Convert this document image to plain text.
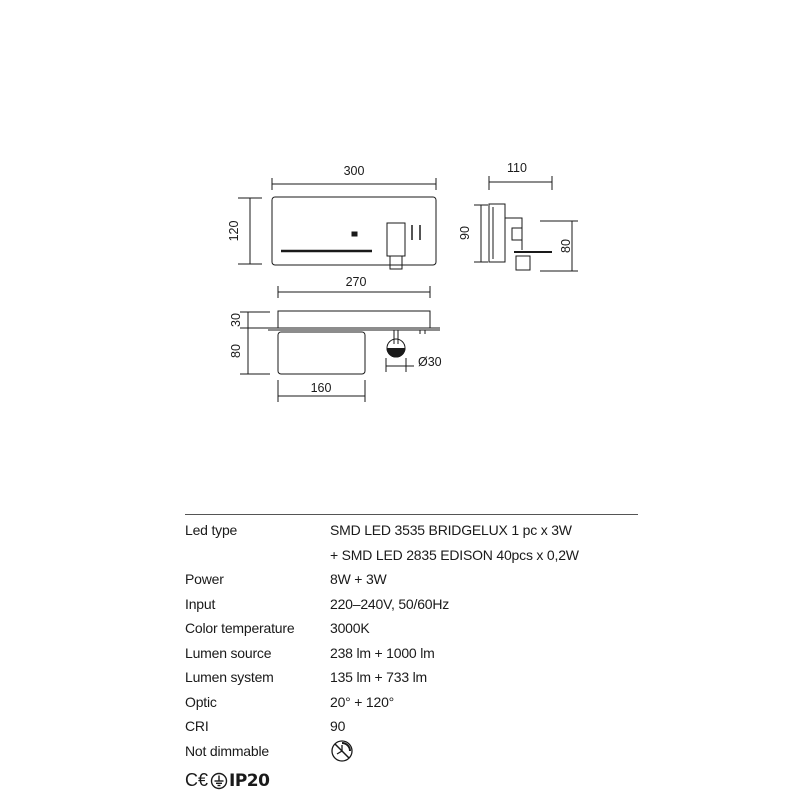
300
120
110
90
80
270
30
80
160
Ø30
Led type	SMD LED 3535 BRIDGELUX 1 pc x 3W
+ SMD LED 2835 EDISON 40pcs x 0,2W
Power	8W + 3W
Input	220–240V, 50/60Hz
Color temperature	3000K
Lumen source	238 lm + 1000 lm
Lumen system	135 lm + 733 lm
Optic	20° + 120°
CRI	90
Not dimmable
C€ IP20
